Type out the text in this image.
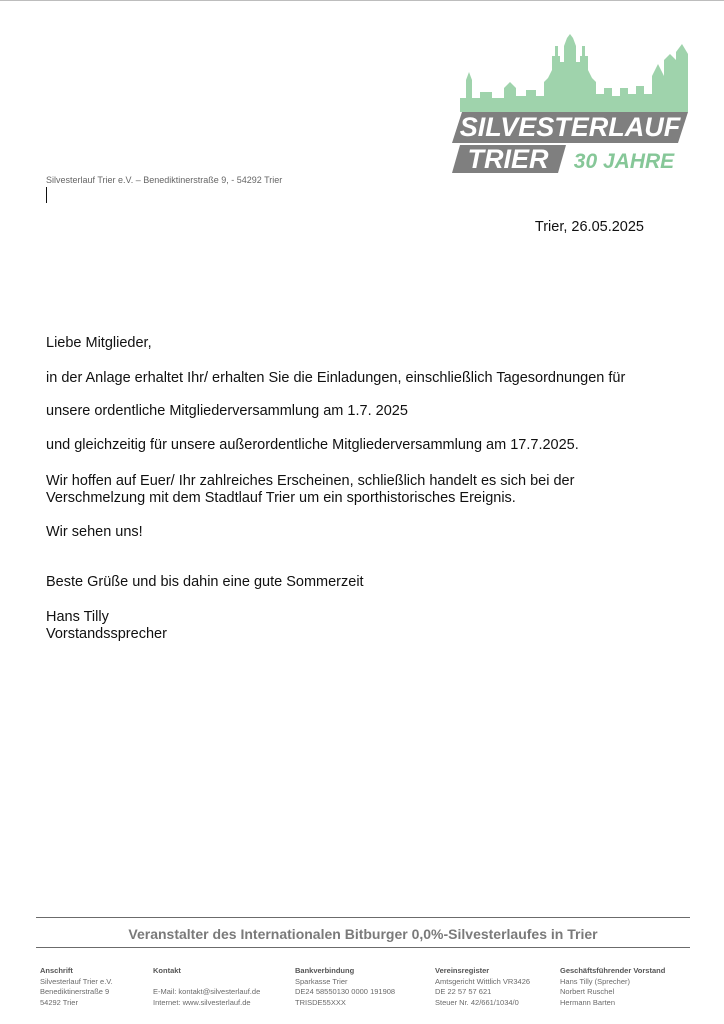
SILVESTERLAUF
TRIER 30 JAHRE
Silvesterlauf Trier e.V. – Benediktinerstraße 9, - 54292 Trier
Trier, 26.05.2025
Liebe Mitglieder,
in der Anlage erhaltet Ihr/ erhalten Sie die Einladungen, einschließlich Tagesordnungen für
unsere ordentliche Mitgliederversammlung am 1.7. 2025
und gleichzeitig für unsere außerordentliche Mitgliederversammlung am 17.7.2025.
Wir hoffen auf Euer/ Ihr zahlreiches Erscheinen, schließlich handelt es sich bei der
Verschmelzung mit dem Stadtlauf Trier um ein sporthistorisches Ereignis.
Wir sehen uns!
Beste Grüße und bis dahin eine gute Sommerzeit
Hans Tilly
Vorstandssprecher
Veranstalter des Internationalen Bitburger 0,0%-Silvesterlaufes in Trier
Anschrift
Silvesterlauf Trier e.V.
Benediktinerstraße 9
54292 Trier
Kontakt
E-Mail: kontakt@silvesterlauf.de
Internet: www.silvesterlauf.de
Bankverbindung
Sparkasse Trier
DE24 58550130 0000 191908
TRISDE55XXX
Vereinsregister
Amtsgericht Wittlich VR3426
DE 22 57 57 621
Steuer Nr. 42/661/1034/0
Geschäftsführender Vorstand
Hans Tilly (Sprecher)
Norbert Ruschel
Hermann Barten
